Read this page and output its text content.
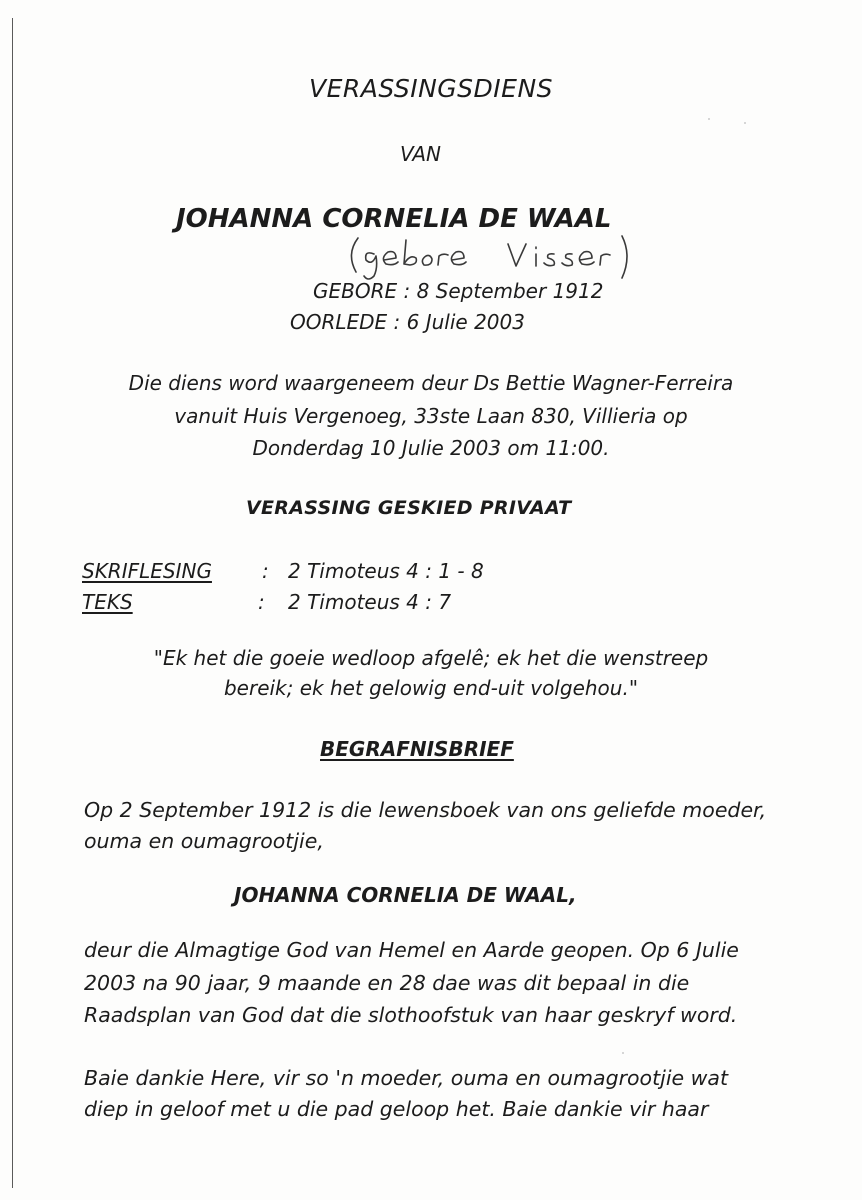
VERASSINGSDIENS
VAN
JOHANNA CORNELIA DE WAAL
GEBORE : 8 September 1912
OORLEDE : 6 Julie 2003
Die diens word waargeneem deur Ds Bettie Wagner-Ferreira
vanuit Huis Vergenoeg, 33ste Laan 830, Villieria op
Donderdag 10 Julie 2003 om 11:00.
VERASSING GESKIED PRIVAAT
SKRIFLESING	: 2 Timoteus 4 : 1 - 8
TEKS	: 2 Timoteus 4 : 7
"Ek het die goeie wedloop afgelê; ek het die wenstreep
bereik; ek het gelowig end-uit volgehou."
BEGRAFNISBRIEF
Op 2 September 1912 is die lewensboek van ons geliefde moeder,
ouma en oumagrootjie,
JOHANNA CORNELIA DE WAAL,
deur die Almagtige God van Hemel en Aarde geopen. Op 6 Julie
2003 na 90 jaar, 9 maande en 28 dae was dit bepaal in die
Raadsplan van God dat die slothoofstuk van haar geskryf word.
Baie dankie Here, vir so 'n moeder, ouma en oumagrootjie wat
diep in geloof met u die pad geloop het. Baie dankie vir haar
